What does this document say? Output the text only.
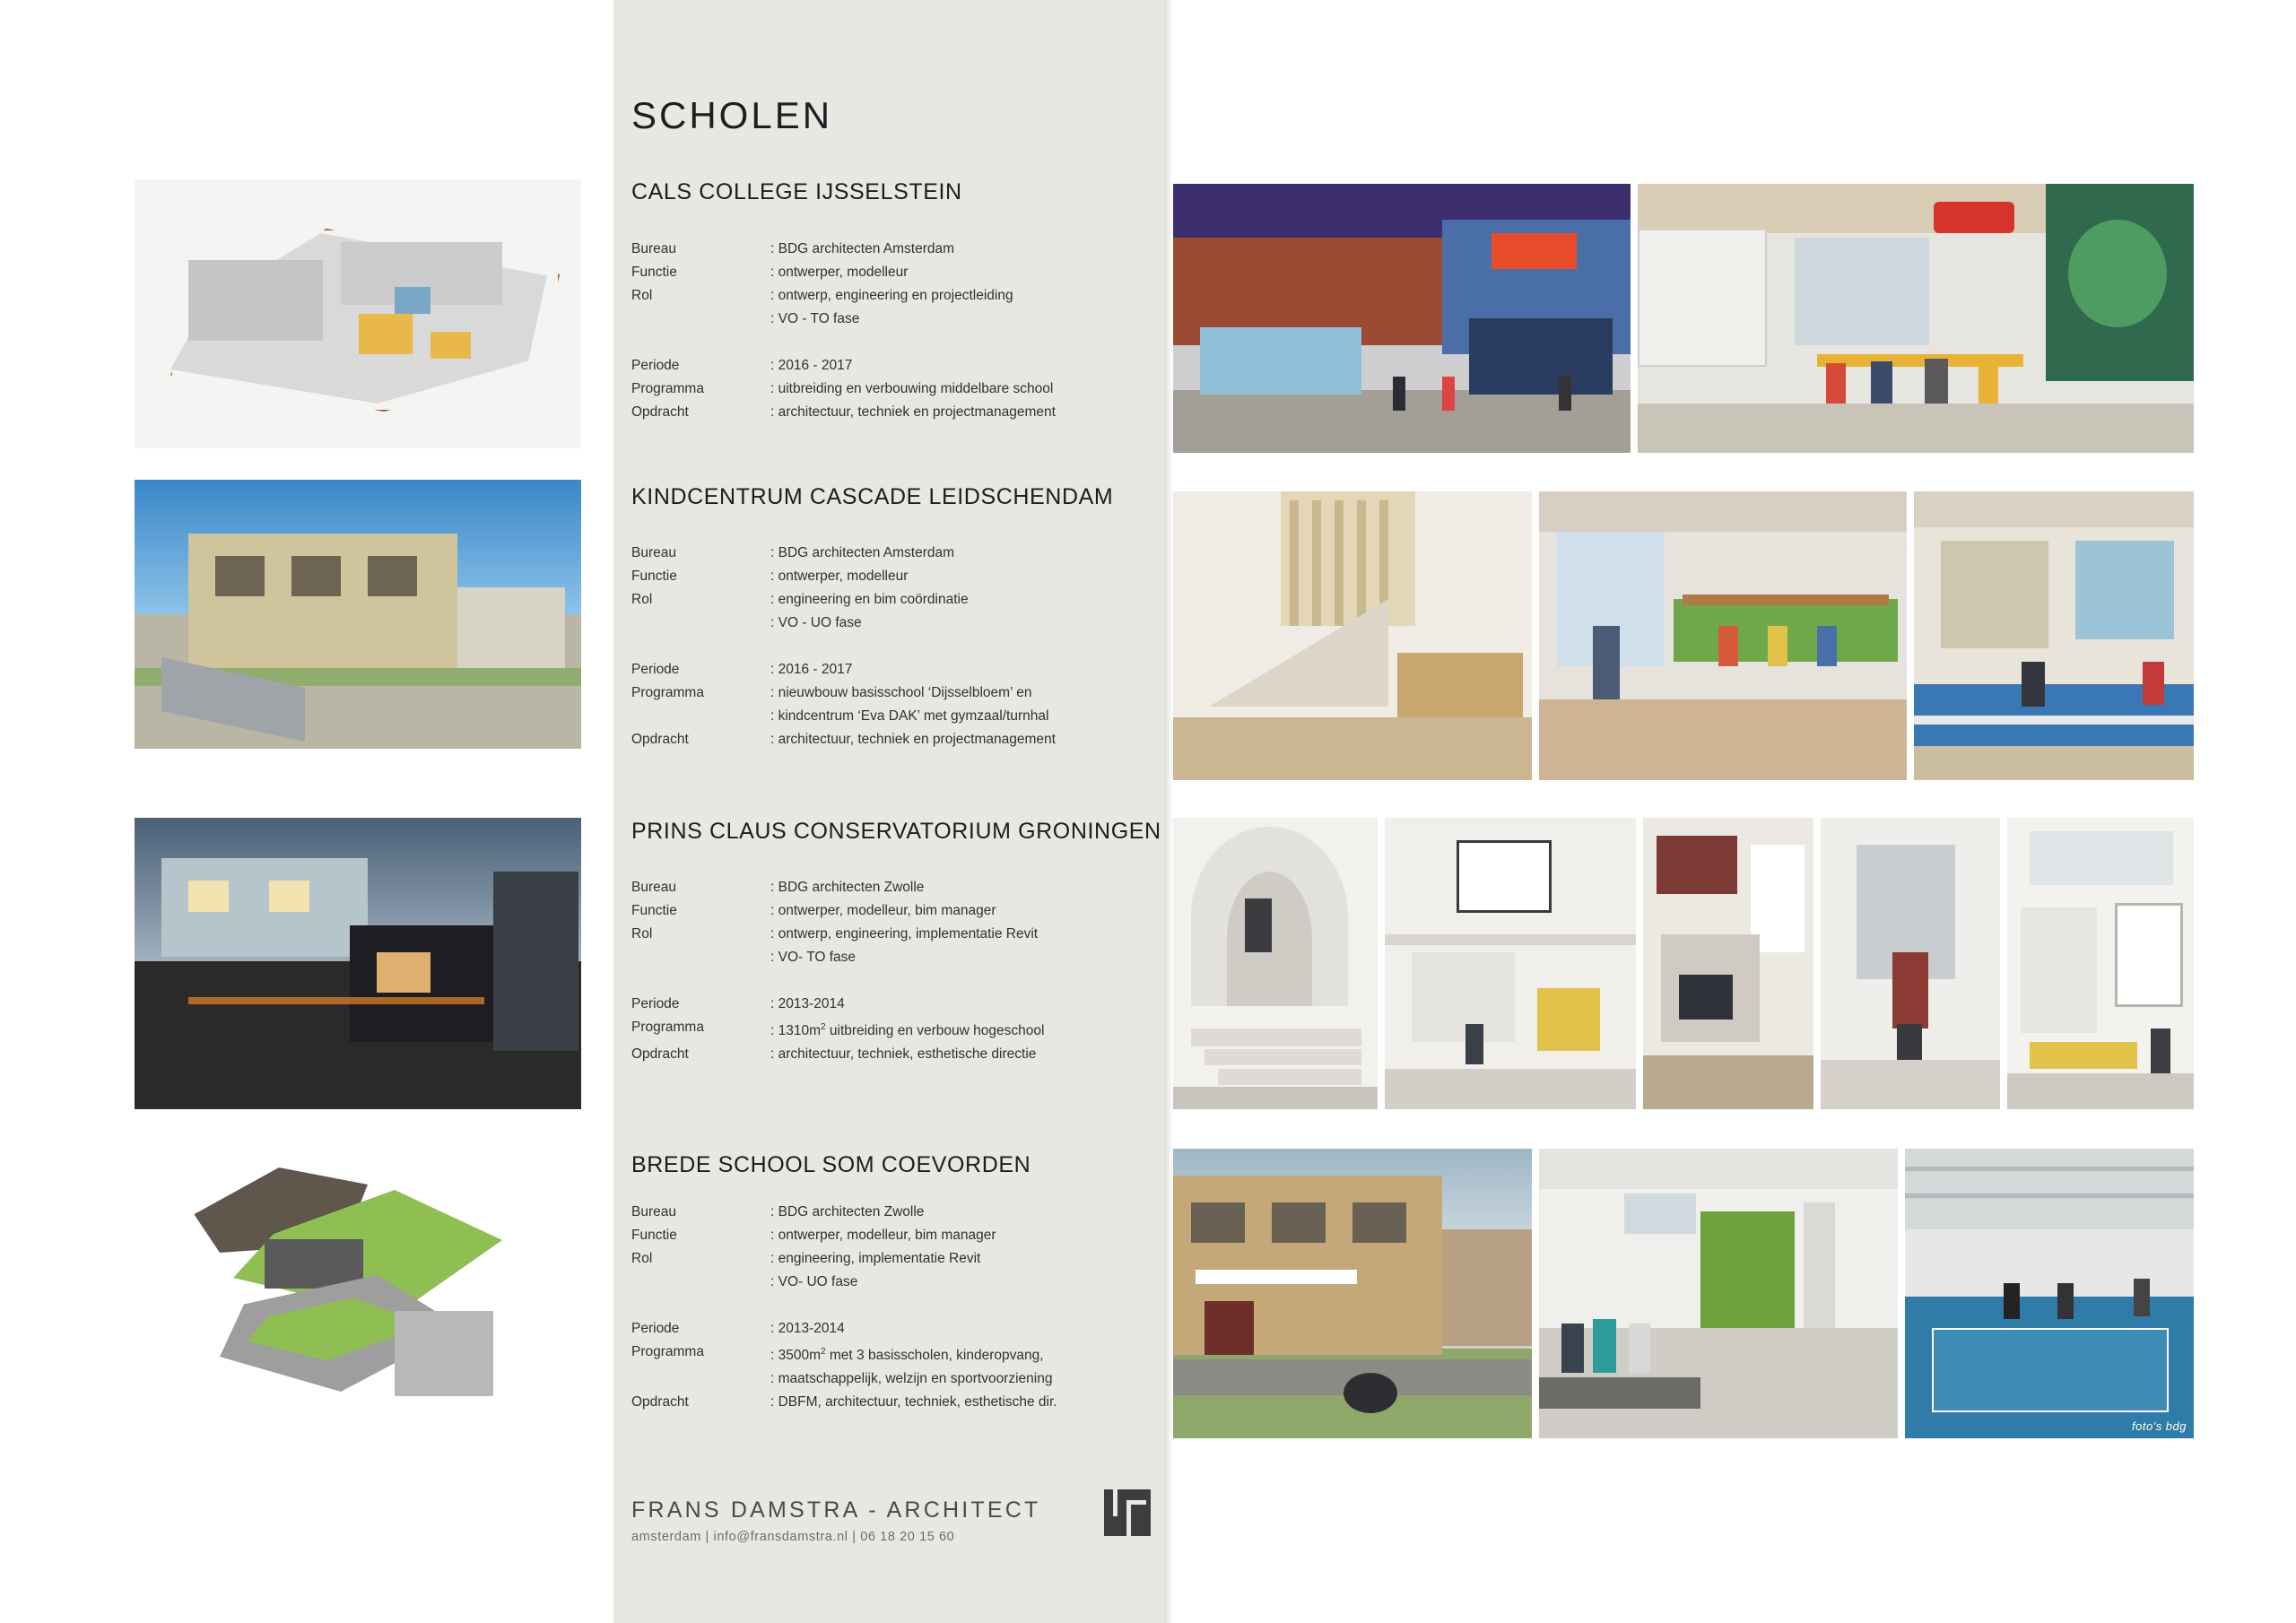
SCHOLEN
CALS COLLEGE IJSSELSTEIN
Bureau	: BDG architecten Amsterdam
Functie	: ontwerper, modelleur
Rol	: ontwerp, engineering en projectleiding
: VO - TO fase
Periode	: 2016 - 2017
Programma	: uitbreiding en verbouwing middelbare school
Opdracht	: architectuur, techniek en projectmanagement
KINDCENTRUM CASCADE LEIDSCHENDAM
Bureau	: BDG architecten Amsterdam
Functie	: ontwerper, modelleur
Rol	: engineering en bim coördinatie
: VO - UO fase
Periode	: 2016 - 2017
Programma	: nieuwbouw basisschool ‘Dijsselbloem’ en
: kindcentrum ‘Eva DAK’ met gymzaal/turnhal
Opdracht	: architectuur, techniek en projectmanagement
PRINS CLAUS CONSERVATORIUM GRONINGEN
Bureau	: BDG architecten Zwolle
Functie	: ontwerper, modelleur, bim manager
Rol	: ontwerp, engineering, implementatie Revit
: VO- TO fase
Periode	: 2013-2014
Programma	: $1310m^2$ uitbreiding en verbouw hogeschool
Opdracht	: architectuur, techniek, esthetische directie
BREDE SCHOOL SOM COEVORDEN
Bureau	: BDG architecten Zwolle
Functie	: ontwerper, modelleur, bim manager
Rol	: engineering, implementatie Revit
: VO- UO fase
Periode	: 2013-2014
Programma	: $3500m^2$ met 3 basisscholen, kinderopvang,
: maatschappelijk, welzijn en sportvoorziening
Opdracht	: DBFM, architectuur, techniek, esthetische dir.
FRANS DAMSTRA - ARCHITECT
amsterdam | info@fransdamstra.nl | 06 18 20 15 60
foto's bdg
